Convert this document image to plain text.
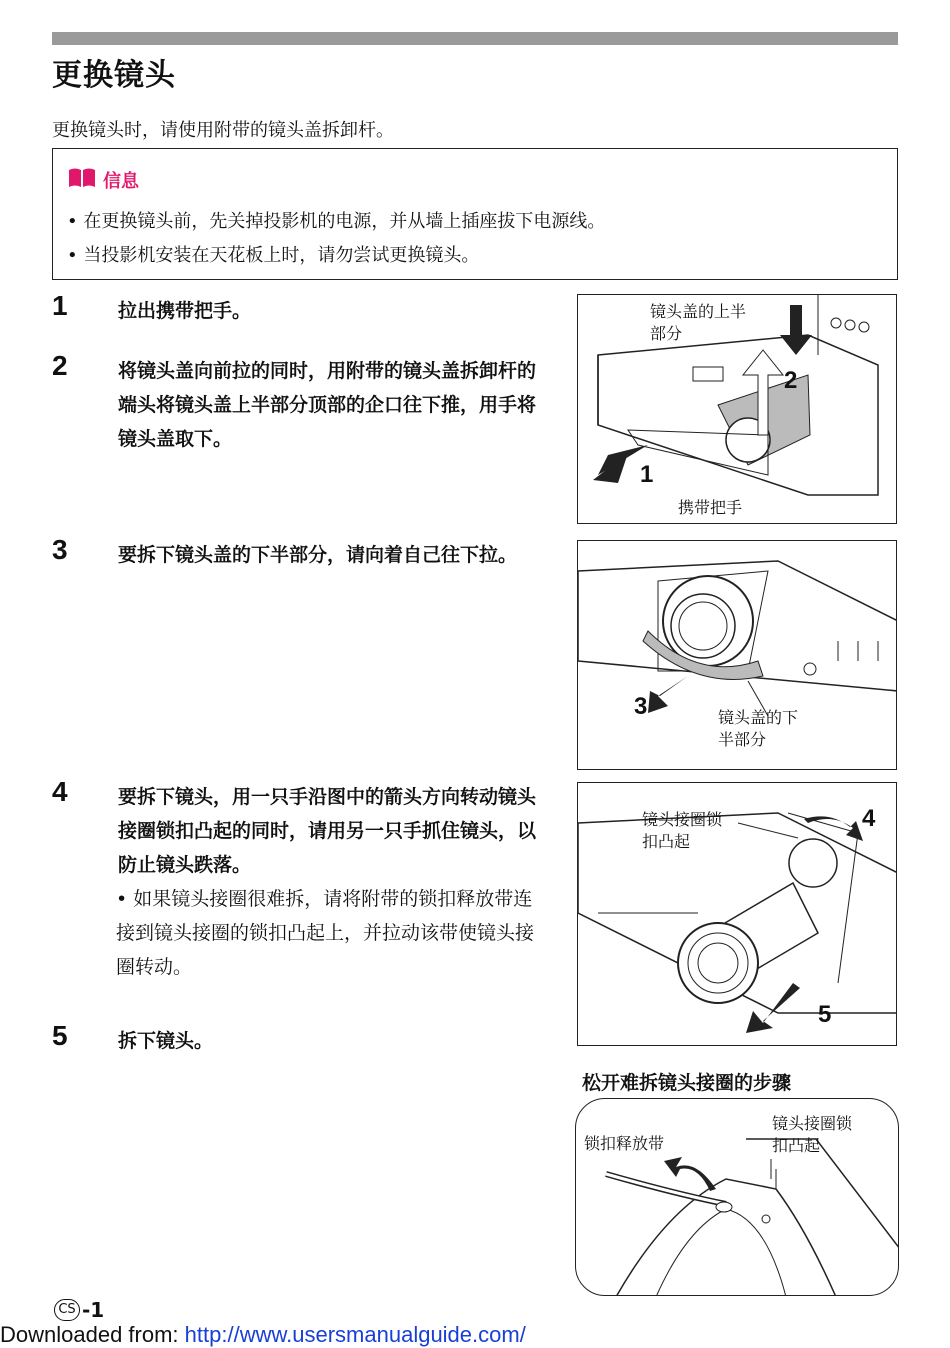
更换镜头
更换镜头时，请使用附带的镜头盖拆卸杆。
信息
• 在更换镜头前，先关掉投影机的电源，并从墙上插座拔下电源线。
• 当投影机安装在天花板上时，请勿尝试更换镜头。
1	拉出携带把手。
2	将镜头盖向前拉的同时，用附带的镜头盖拆卸杆的端头将镜头盖上半部分顶部的企口往下推，用手将镜头盖取下。
3	要拆下镜头盖的下半部分，请向着自己往下拉。
4	要拆下镜头，用一只手沿图中的箭头方向转动镜头接圈锁扣凸起的同时，请用另一只手抓住镜头，以防止镜头跌落。
• 如果镜头接圈很难拆，请将附带的锁扣释放带连接到镜头接圈的锁扣凸起上，并拉动该带使镜头接圈转动。
5	拆下镜头。
镜头盖的上半
部分
携带把手
1
2
镜头盖的下
半部分
3
镜头接圈锁
扣凸起
4
5
松开难拆镜头接圈的步骤
锁扣释放带
镜头接圈锁
扣凸起
CS -1
Downloaded from: http://www.usersmanualguide.com/
